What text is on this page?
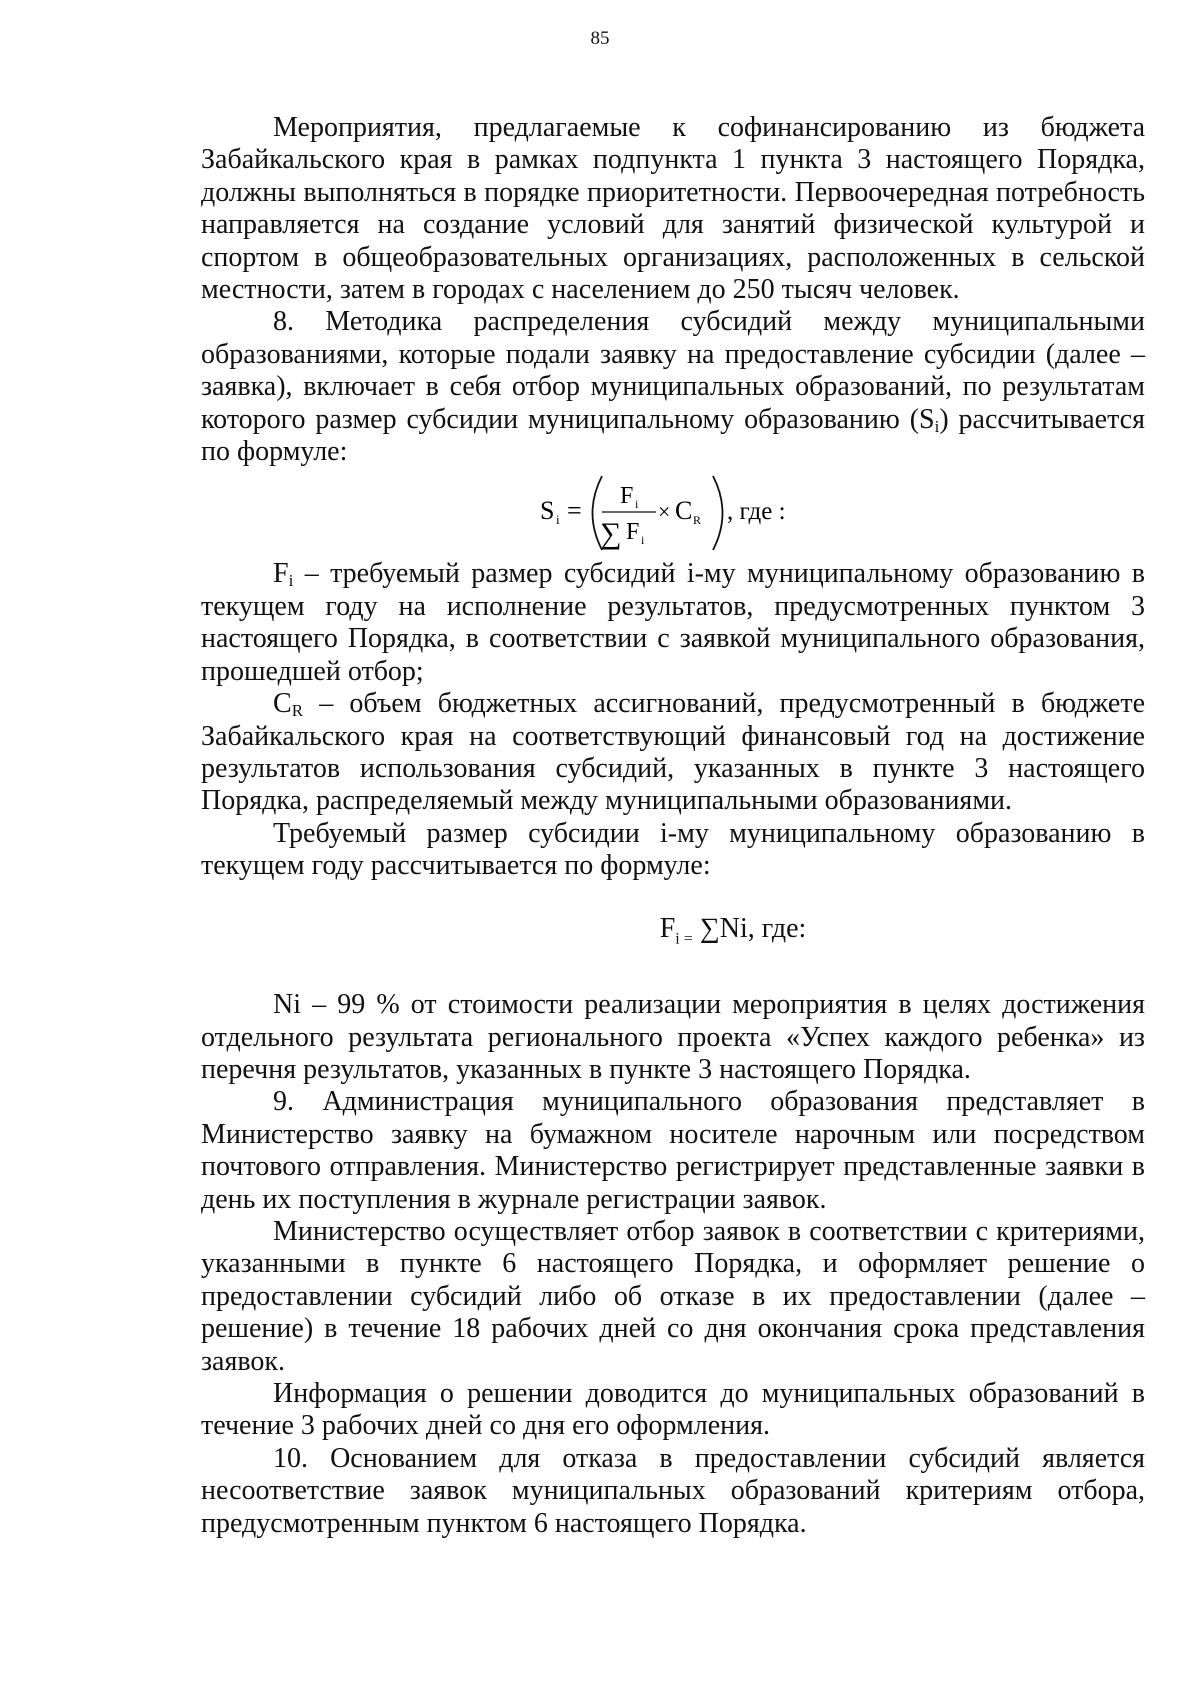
85

Мероприятия, предлагаемые к софинансированию из бюджета Забайкальского края в рамках подпункта 1 пункта 3 настоящего Порядка, должны выполняться в порядке приоритетности. Первоочередная потребность направляется на создание условий для занятий физической культурой и спортом в общеобразовательных организациях, расположенных в сельской местности, затем в городах с населением до 250 тысяч человек.

8. Методика распределения субсидий между муниципальными образованиями, которые подали заявку на предоставление субсидии (далее – заявка), включает в себя отбор муниципальных образований, по результатам которого размер субсидии муниципальному образованию $(S_i)$ рассчитывается по формуле:

S i = F i
∑ F i
× C R , где :

$F_i$ – требуемый размер субсидий i-му муниципальному образованию в текущем году на исполнение результатов, предусмотренных пунктом 3 настоящего Порядка, в соответствии с заявкой муниципального образования, прошедшей отбор;

$C_R$ – объем бюджетных ассигнований, предусмотренный в бюджете Забайкальского края на соответствующий финансовый год на достижение результатов использования субсидий, указанных в пункте 3 настоящего Порядка, распределяемый между муниципальными образованиями.

Требуемый размер субсидии i-му муниципальному образованию в текущем году рассчитывается по формуле:

$F_{i =}$ ∑Ni, где:

Ni – 99 % от стоимости реализации мероприятия в целях достижения отдельного результата регионального проекта «Успех каждого ребенка» из перечня результатов, указанных в пункте 3 настоящего Порядка.

9. Администрация муниципального образования представляет в Министерство заявку на бумажном носителе нарочным или посредством почтового отправления. Министерство регистрирует представленные заявки в день их поступления в журнале регистрации заявок.

Министерство осуществляет отбор заявок в соответствии с критериями, указанными в пункте 6 настоящего Порядка, и оформляет решение о предоставлении субсидий либо об отказе в их предоставлении (далее – решение) в течение 18 рабочих дней со дня окончания срока представления заявок.

Информация о решении доводится до муниципальных образований в течение 3 рабочих дней со дня его оформления.

10. Основанием для отказа в предоставлении субсидий является несоответствие заявок муниципальных образований критериям отбора, предусмотренным пунктом 6 настоящего Порядка.
